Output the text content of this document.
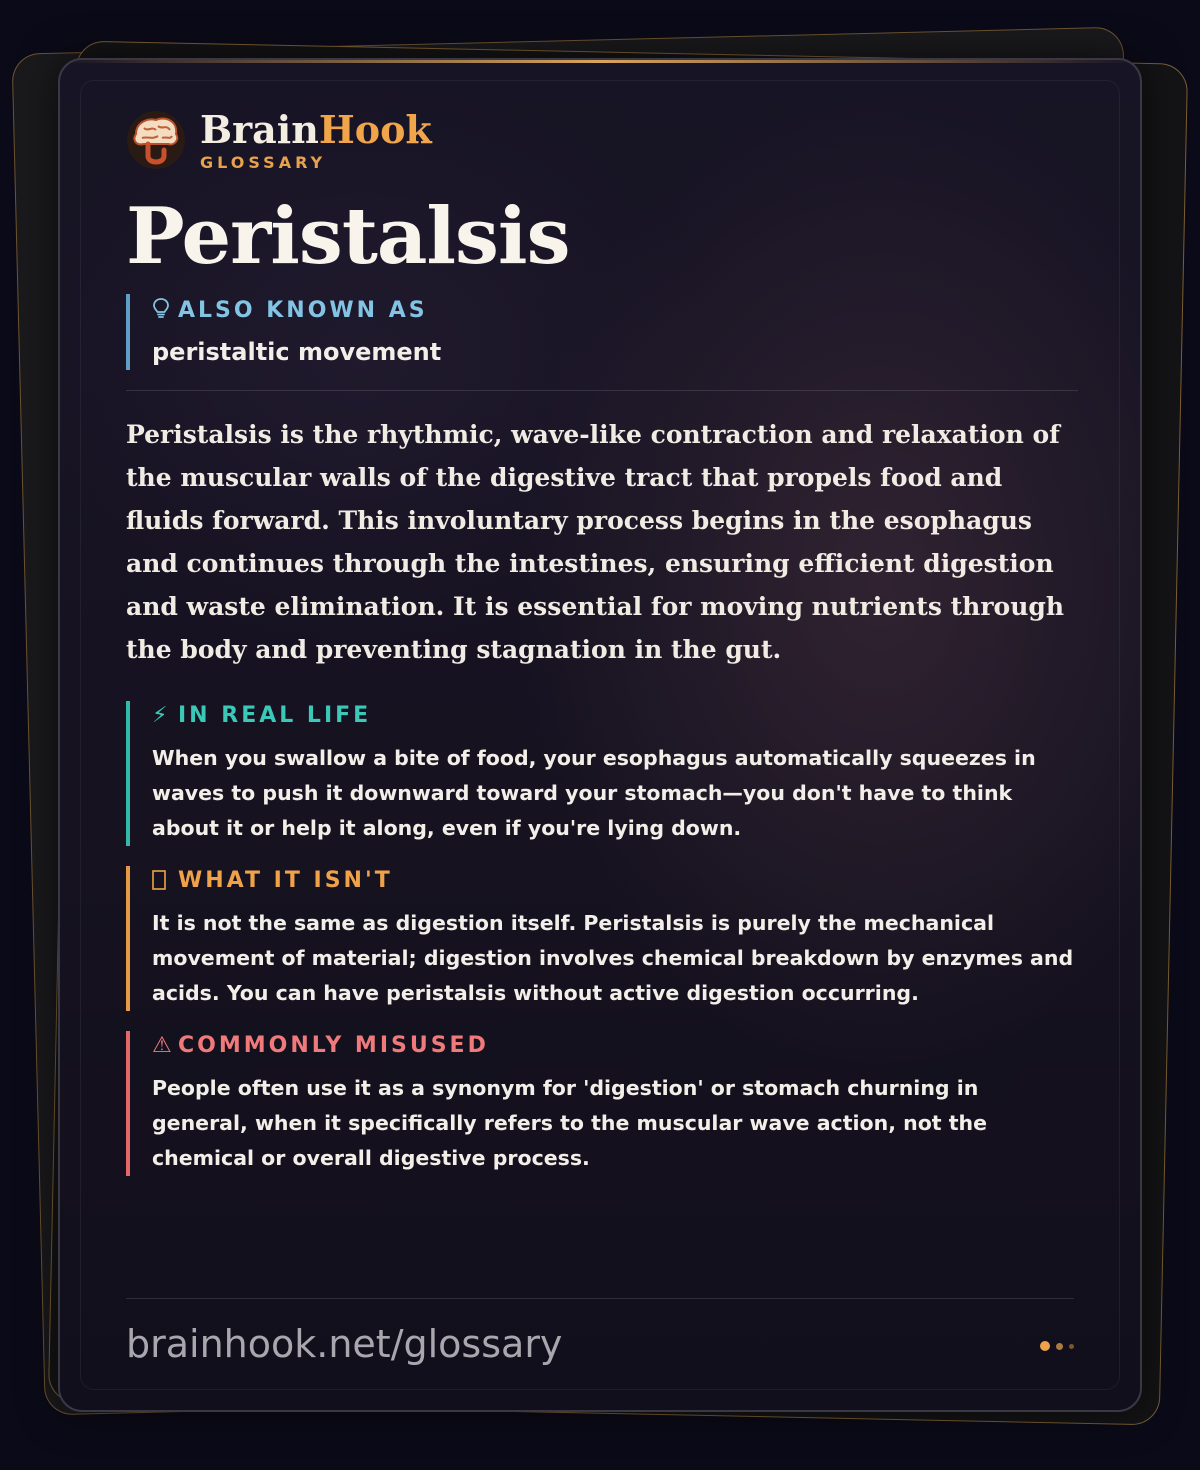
BrainHook
GLOSSARY
Peristalsis
ALSO KNOWN AS
peristaltic movement
Peristalsis is the rhythmic, wave-like contraction and relaxation of the muscular walls of the digestive tract that propels food and fluids forward. This involuntary process begins in the esophagus and continues through the intestines, ensuring efficient digestion and waste elimination. It is essential for moving nutrients through the body and preventing stagnation in the gut.
⚡ IN REAL LIFE
When you swallow a bite of food, your esophagus automatically squeezes in waves to push it downward toward your stomach—you don't have to think about it or help it along, even if you're lying down.
WHAT IT ISN'T
It is not the same as digestion itself. Peristalsis is purely the mechanical movement of material; digestion involves chemical breakdown by enzymes and acids. You can have peristalsis without active digestion occurring.
⚠ COMMONLY MISUSED
People often use it as a synonym for 'digestion' or stomach churning in general, when it specifically refers to the muscular wave action, not the chemical or overall digestive process.
brainhook.net/glossary
